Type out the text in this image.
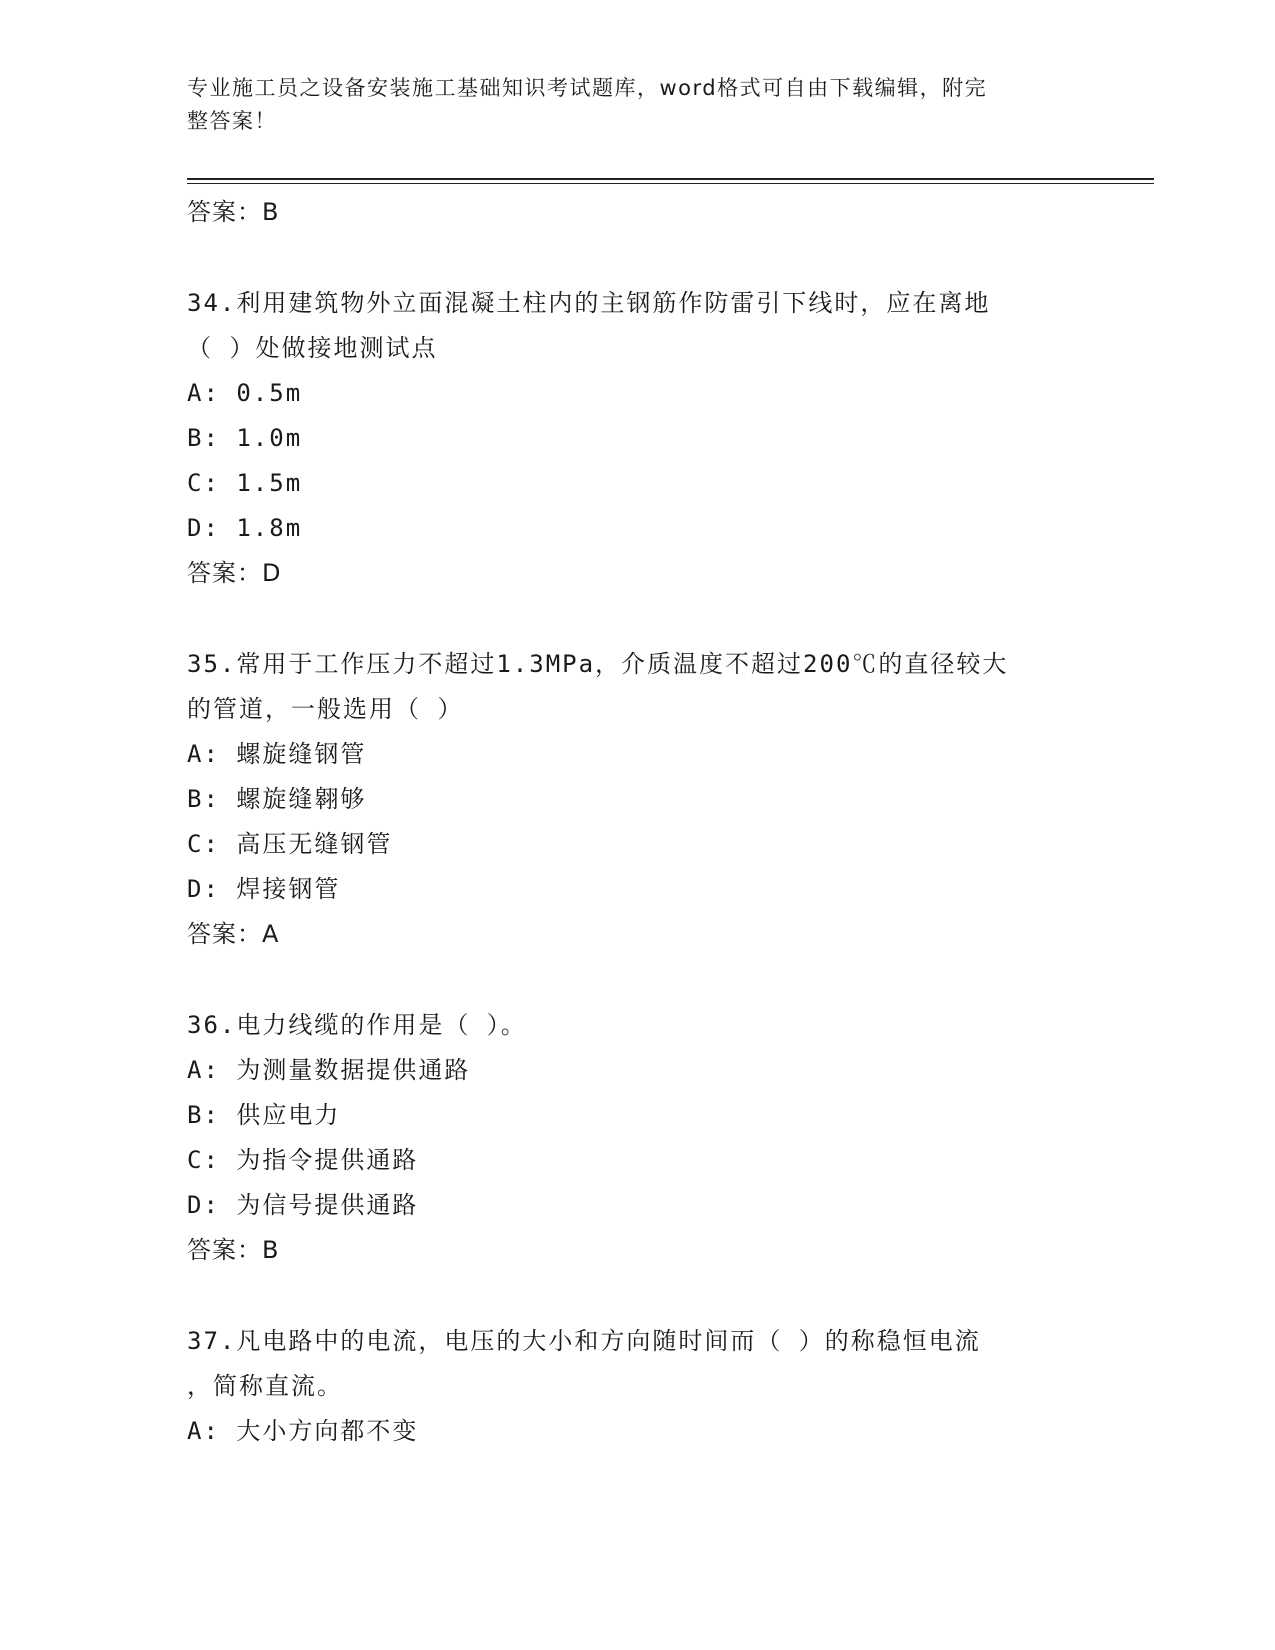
专业施工员之设备安装施工基础知识考试题库，word格式可自由下载编辑，附完
整答案！
答案：B
34.利用建筑物外立面混凝土柱内的主钢筋作防雷引下线时，应在离地
（ ）处做接地测试点
A: 0.5m
B: 1.0m
C: 1.5m
D: 1.8m
答案：D
35.常用于工作压力不超过1.3MPa，介质温度不超过200℃的直径较大
的管道，一般选用（ ）
A: 螺旋缝钢管
B: 螺旋缝翱够
C: 高压无缝钢管
D: 焊接钢管
答案：A
36.电力线缆的作用是（ ）。
A: 为测量数据提供通路
B: 供应电力
C: 为指令提供通路
D: 为信号提供通路
答案：B
37.凡电路中的电流，电压的大小和方向随时间而（ ）的称稳恒电流
，简称直流。
A: 大小方向都不变
